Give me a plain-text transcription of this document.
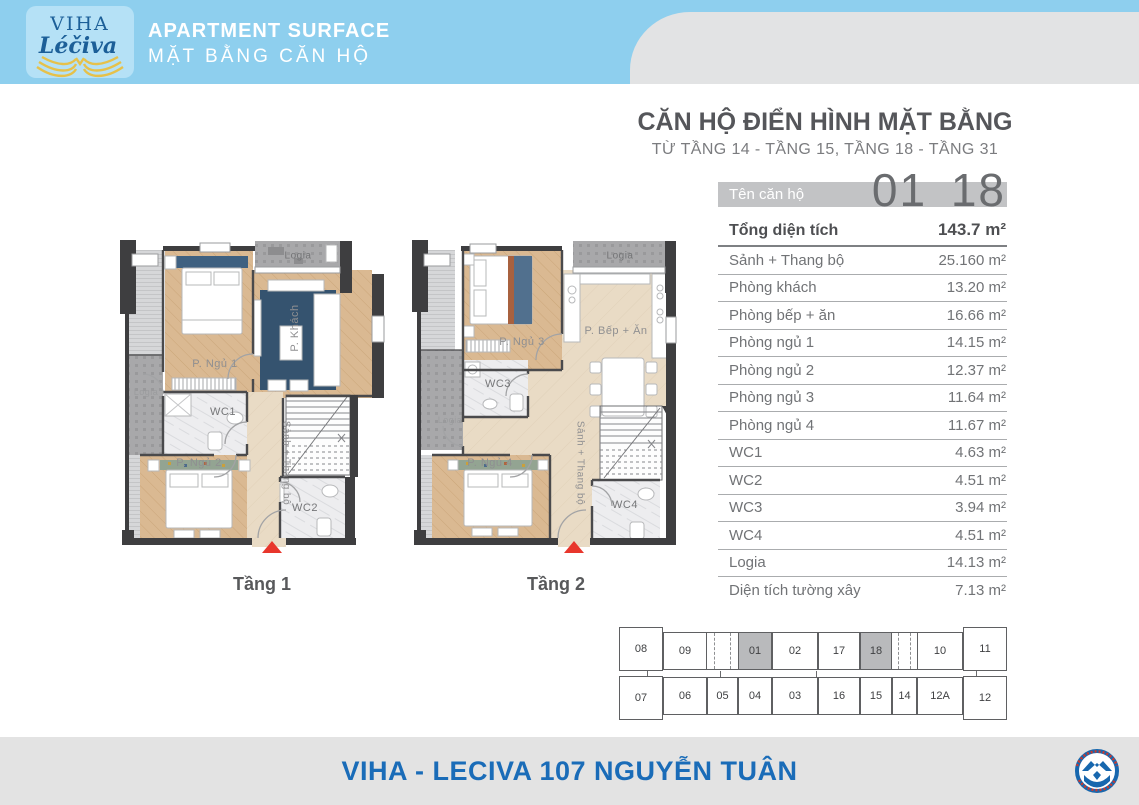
VIHA
Léčiva
APARTMENT SURFACE
MẶT BẰNG CĂN HỘ
CĂN HỘ ĐIỂN HÌNH MẶT BẰNG
TỪ TẦNG 14 - TẦNG 15, TẦNG 18 - TẦNG 31
Tên căn hộ 01 18
Tổng diện tích	143.7 m²
Sảnh + Thang bộ	25.160 m²
Phòng khách	13.20 m²
Phòng bếp + ăn	16.66 m²
Phòng ngủ 1	14.15 m²
Phòng ngủ 2	12.37 m²
Phòng ngủ 3	11.64 m²
Phòng ngủ 4	11.67 m²
WC1	4.63 m²
WC2	4.51 m²
WC3	3.94 m²
WC4	4.51 m²
Logia	14.13 m²
Diện tích tường xây	7.13 m²
Logia
P. Ngủ 1
P. Khách
Logia
WC1
P. Ngủ 2	Sảnh + Thang bộ
WC2
Logia
P. Ngủ 3
P. Bếp + Ăn
WC3
Logia
P. Ngủ 4	Sảnh + Thang bộ WC4
Tầng 1	Tầng 2
08	09	01	02	17	18	10	11
07	06	05	04	03	16	15	14	12A	12
VIHA - LECIVA 107 NGUYỄN TUÂN
